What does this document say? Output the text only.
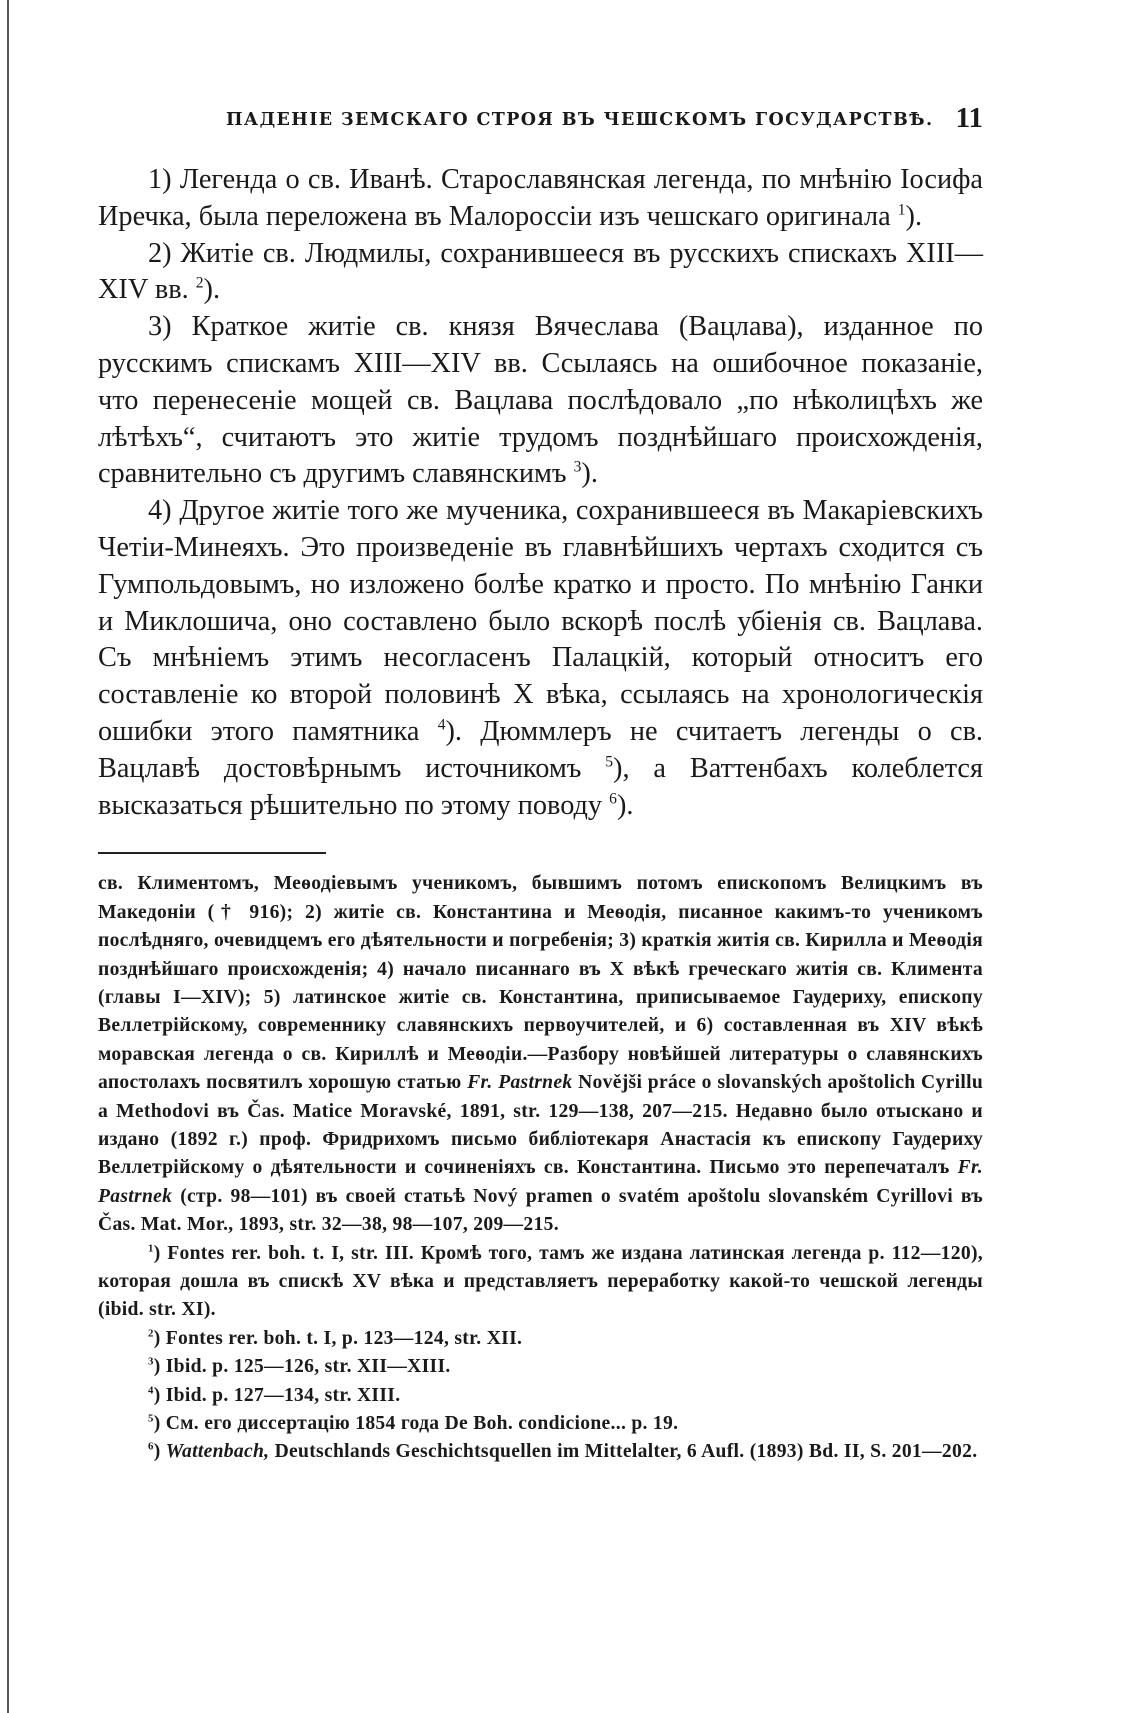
ПАДЕНІЕ ЗЕМСКАГО СТРОЯ ВЪ ЧЕШСКОМЪ ГОСУДАРСТВѢ. 11

1) Легенда о св. Иванѣ. Старославянская легенда, по мнѣнію Іосифа Иречка, была переложена въ Малороссіи изъ чешскаго оригинала $^1$).

2) Житіе св. Людмилы, сохранившееся въ русскихъ спискахъ XIII—XIV вв. $^2$).

3) Краткое житіе св. князя Вячеслава (Вацлава), изданное по русскимъ спискамъ XIII—XIV вв. Ссылаясь на ошибочное показаніе, что перенесеніе мощей св. Вацлава послѣдовало „по нѣколицѣхъ же лѣтѣхъ“, считаютъ это житіе трудомъ позднѣйшаго происхожденія, сравнительно съ другимъ славянскимъ $^3$).

4) Другое житіе того же мученика, сохранившееся въ Макаріевскихъ Четіи-Минеяхъ. Это произведеніе въ главнѣйшихъ чертахъ сходится съ Гумпольдовымъ, но изложено болѣе кратко и просто. По мнѣнію Ганки и Миклошича, оно составлено было вскорѣ послѣ убіенія св. Вацлава. Съ мнѣніемъ этимъ несогласенъ Палацкій, который относитъ его составленіе ко второй половинѣ X вѣка, ссылаясь на хронологическія ошибки этого памятника $^4$). Дюммлеръ не считаетъ легенды о св. Вацлавѣ достовѣрнымъ источникомъ $^5$), а Ваттенбахъ колеблется высказаться рѣшительно по этому поводу $^6$).

св. Климентомъ, Меѳодіевымъ ученикомъ, бывшимъ потомъ епископомъ Велицкимъ въ Македоніи († 916); 2) житіе св. Константина и Меѳодія, писанное какимъ-то ученикомъ послѣдняго, очевидцемъ его дѣятельности и погребенія; 3) краткія житія св. Кирилла и Меѳодія позднѣйшаго происхожденія; 4) начало писаннаго въ X вѣкѣ греческаго житія св. Климента (главы I—XIV); 5) латинское житіе св. Константина, приписываемое Гаудериху, епископу Веллетрійскому, современнику славянскихъ первоучителей, и 6) составленная въ XIV вѣкѣ моравская легенда о св. Кириллѣ и Меѳодіи.—Разбору новѣйшей литературы о славянскихъ апостолахъ посвятилъ хорошую статью Fr. Pastrnek Novějši práce o slovanských apoštolich Cyrillu a Methodovi въ Čas. Matice Moravské, 1891, str. 129—138, 207—215. Недавно было отыскано и издано (1892 г.) проф. Фридрихомъ письмо библіотекаря Анастасія къ епископу Гаудериху Веллетрійскому о дѣятельности и сочиненіяхъ св. Константина. Письмо это перепечаталъ Fr. Pastrnek (стр. 98—101) въ своей статьѣ Nový pramen o svatém apoštolu slovanském Cyrillovi въ Čas. Mat. Mor., 1893, str. 32—38, 98—107, 209—215.

$^1$) Fontes rer. boh. t. I, str. III. Кромѣ того, тамъ же издана латинская легенда р. 112—120), которая дошла въ спискѣ XV вѣка и представляетъ переработку какой-то чешской легенды (ibid. str. XI).

$^2$) Fontes rer. boh. t. I, p. 123—124, str. XII.

$^3$) Ibid. p. 125—126, str. XII—XIII.

$^4$) Ibid. p. 127—134, str. XIII.

$^5$) См. его диссертацію 1854 года De Boh. condicione... p. 19.

$^6$) Wattenbach, Deutschlands Geschichtsquellen im Mittelalter, 6 Aufl. (1893) Bd. II, S. 201—202.
